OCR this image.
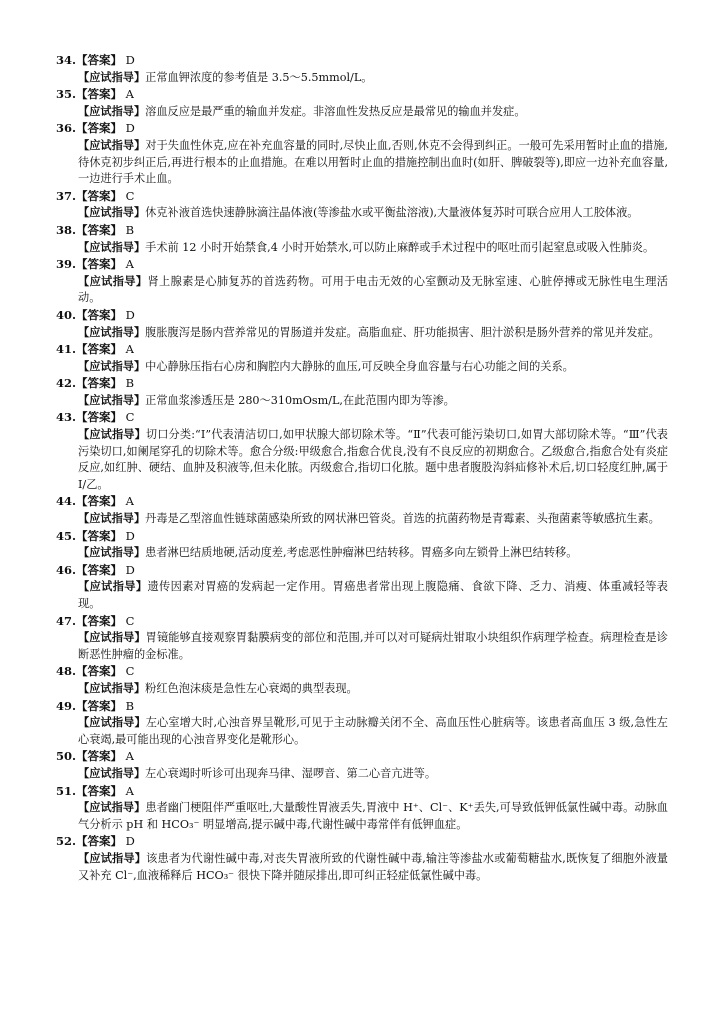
34.【答案】 D
【应试指导】正常血钾浓度的参考值是 3.5～5.5mmol/L。
35.【答案】 A
【应试指导】溶血反应是最严重的输血并发症。非溶血性发热反应是最常见的输血并发症。
36.【答案】 D
【应试指导】对于失血性休克,应在补充血容量的同时,尽快止血,否则,休克不会得到纠正。一般可先采用暂时止血的措施,待休克初步纠正后,再进行根本的止血措施。在难以用暂时止血的措施控制出血时(如肝、脾破裂等),即应一边补充血容量,一边进行手术止血。
37.【答案】 C
【应试指导】休克补液首选快速静脉滴注晶体液(等渗盐水或平衡盐溶液),大量液体复苏时可联合应用人工胶体液。
38.【答案】 B
【应试指导】手术前 12 小时开始禁食,4 小时开始禁水,可以防止麻醉或手术过程中的呕吐而引起窒息或吸入性肺炎。
39.【答案】 A
【应试指导】肾上腺素是心肺复苏的首选药物。可用于电击无效的心室颤动及无脉室速、心脏停搏或无脉性电生理活动。
40.【答案】 D
【应试指导】腹胀腹泻是肠内营养常见的胃肠道并发症。高脂血症、肝功能损害、胆汁淤积是肠外营养的常见并发症。
41.【答案】 A
【应试指导】中心静脉压指右心房和胸腔内大静脉的血压,可反映全身血容量与右心功能之间的关系。
42.【答案】 B
【应试指导】正常血浆渗透压是 280～310mOsm/L,在此范围内即为等渗。
43.【答案】 C
【应试指导】切口分类:“Ⅰ”代表清洁切口,如甲状腺大部切除术等。“Ⅱ”代表可能污染切口,如胃大部切除术等。“Ⅲ”代表污染切口,如阑尾穿孔的切除术等。愈合分级:甲级愈合,指愈合优良,没有不良反应的初期愈合。乙级愈合,指愈合处有炎症反应,如红肿、硬结、血肿及积液等,但未化脓。丙级愈合,指切口化脓。题中患者腹股沟斜疝修补术后,切口轻度红肿,属于Ⅰ/乙。
44.【答案】 A
【应试指导】丹毒是乙型溶血性链球菌感染所致的网状淋巴管炎。首选的抗菌药物是青霉素、头孢菌素等敏感抗生素。
45.【答案】 D
【应试指导】患者淋巴结质地硬,活动度差,考虑恶性肿瘤淋巴结转移。胃癌多向左锁骨上淋巴结转移。
46.【答案】 D
【应试指导】遗传因素对胃癌的发病起一定作用。胃癌患者常出现上腹隐痛、食欲下降、乏力、消瘦、体重减轻等表现。
47.【答案】 C
【应试指导】胃镜能够直接观察胃黏膜病变的部位和范围,并可以对可疑病灶钳取小块组织作病理学检查。病理检查是诊断恶性肿瘤的金标准。
48.【答案】 C
【应试指导】粉红色泡沫痰是急性左心衰竭的典型表现。
49.【答案】 B
【应试指导】左心室增大时,心浊音界呈靴形,可见于主动脉瓣关闭不全、高血压性心脏病等。该患者高血压 3 级,急性左心衰竭,最可能出现的心浊音界变化是靴形心。
50.【答案】 A
【应试指导】左心衰竭时听诊可出现奔马律、湿啰音、第二心音亢进等。
51.【答案】 A
【应试指导】患者幽门梗阻伴严重呕吐,大量酸性胃液丢失,胃液中 H⁺、Cl⁻、K⁺丢失,可导致低钾低氯性碱中毒。动脉血气分析示 pH 和 HCO₃⁻ 明显增高,提示碱中毒,代谢性碱中毒常伴有低钾血症。
52.【答案】 D
【应试指导】该患者为代谢性碱中毒,对丧失胃液所致的代谢性碱中毒,输注等渗盐水或葡萄糖盐水,既恢复了细胞外液量又补充 Cl⁻,血液稀释后 HCO₃⁻ 很快下降并随尿排出,即可纠正轻症低氯性碱中毒。
